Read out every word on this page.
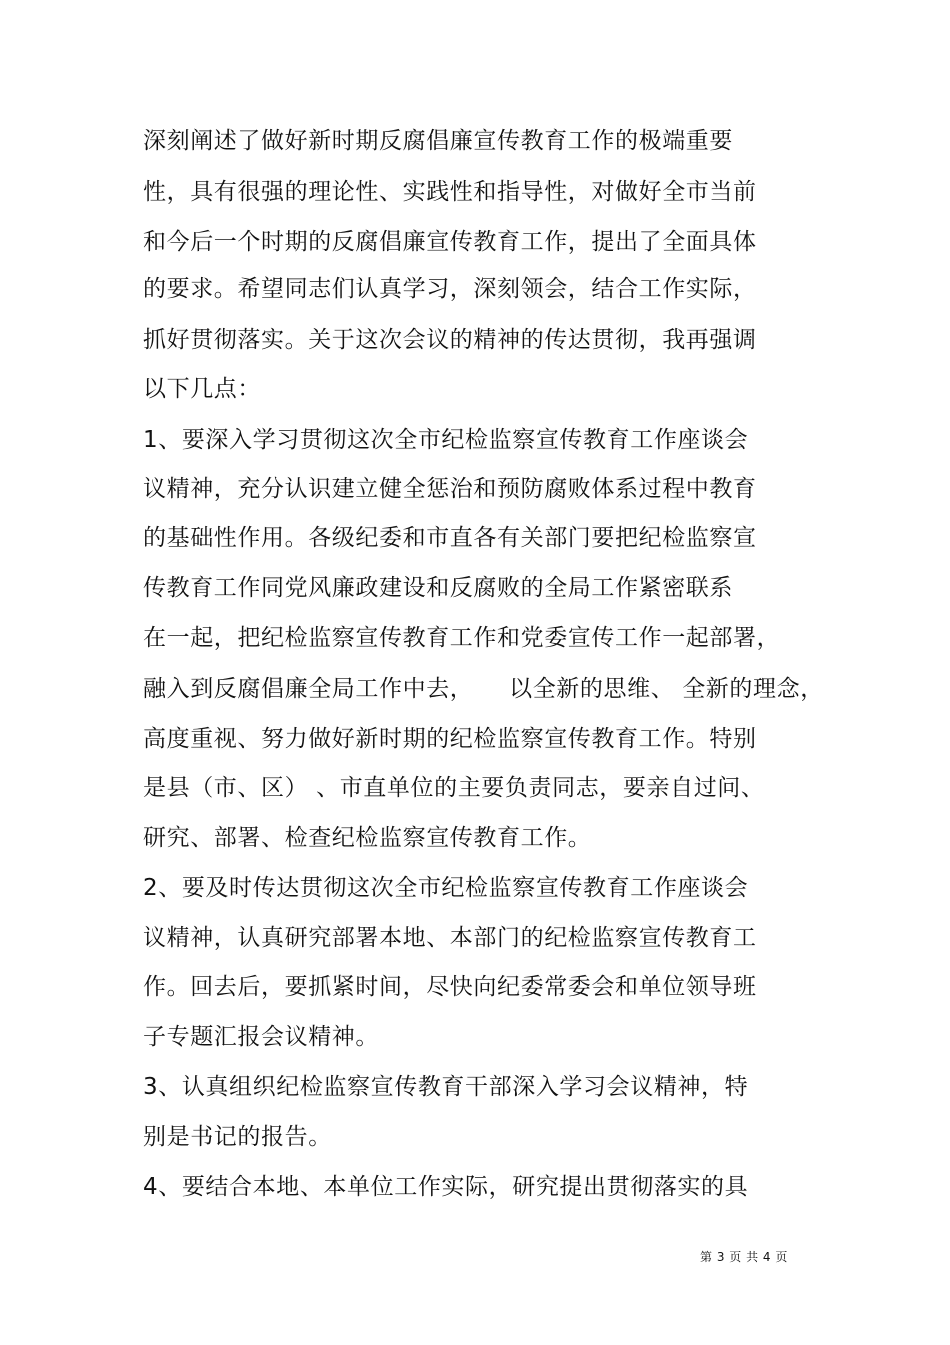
深刻阐述了做好新时期反腐倡廉宣传教育工作的极端重要
性，具有很强的理论性、实践性和指导性，对做好全市当前
和今后一个时期的反腐倡廉宣传教育工作，提出了全面具体
的要求。希望同志们认真学习，深刻领会，结合工作实际，
抓好贯彻落实。关于这次会议的精神的传达贯彻，我再强调
以下几点：
1、要深入学习贯彻这次全市纪检监察宣传教育工作座谈会
议精神，充分认识建立健全惩治和预防腐败体系过程中教育
的基础性作用。各级纪委和市直各有关部门要把纪检监察宣
传教育工作同党风廉政建设和反腐败的全局工作紧密联系
在一起，把纪检监察宣传教育工作和党委宣传工作一起部署，
融入到反腐倡廉全局工作中去，　　以全新的思维、 全新的理念，
高度重视、努力做好新时期的纪检监察宣传教育工作。特别
是县（市、区） 、市直单位的主要负责同志，要亲自过问、
研究、部署、检查纪检监察宣传教育工作。
2、要及时传达贯彻这次全市纪检监察宣传教育工作座谈会
议精神，认真研究部署本地、本部门的纪检监察宣传教育工
作。回去后，要抓紧时间，尽快向纪委常委会和单位领导班
子专题汇报会议精神。
3、认真组织纪检监察宣传教育干部深入学习会议精神，特
别是书记的报告。
4、要结合本地、本单位工作实际，研究提出贯彻落实的具
第 3 页 共 4 页
